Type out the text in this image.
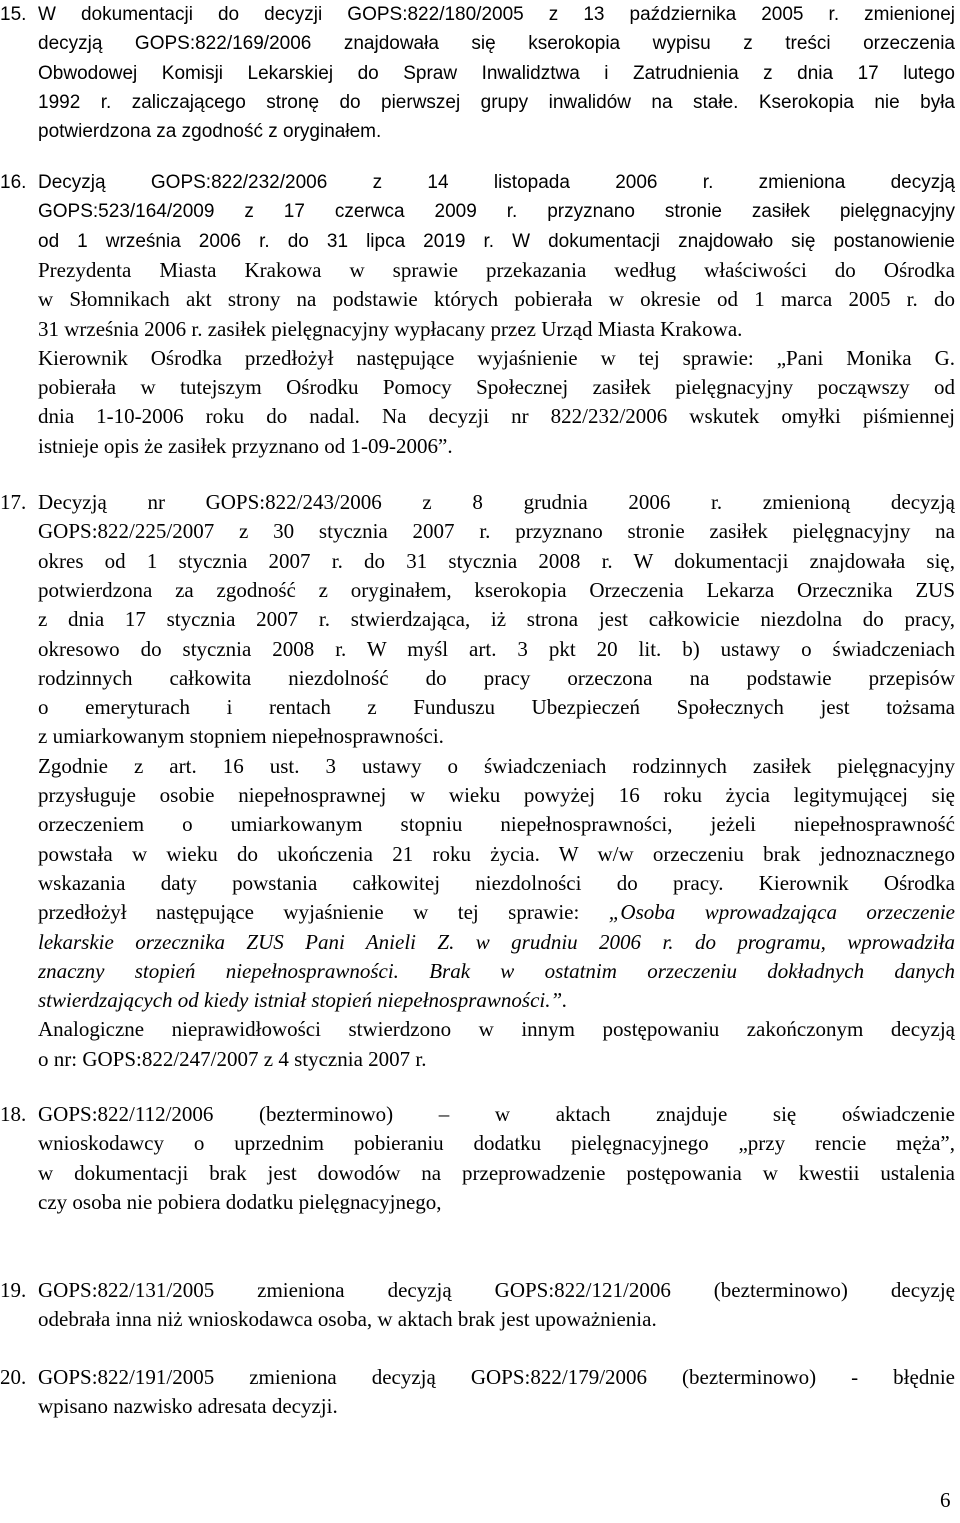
15. W dokumentacji do decyzji GOPS:822/180/2005 z 13 października 2005 r. zmienionej
decyzją GOPS:822/169/2006 znajdowała się kserokopia wypisu z treści orzeczenia
Obwodowej Komisji Lekarskiej do Spraw Inwalidztwa i Zatrudnienia z dnia 17 lutego
1992 r. zaliczającego stronę do pierwszej grupy inwalidów na stałe. Kserokopia nie była
potwierdzona za zgodność z oryginałem.
16. Decyzją GOPS:822/232/2006 z 14 listopada 2006 r. zmieniona decyzją
GOPS:523/164/2009 z 17 czerwca 2009 r. przyznano stronie zasiłek pielęgnacyjny
od 1 września 2006 r. do 31 lipca 2019 r. W dokumentacji znajdowało się postanowienie
Prezydenta Miasta Krakowa w sprawie przekazania według właściwości do Ośrodka
w Słomnikach akt strony na podstawie których pobierała w okresie od 1 marca 2005 r. do
31 września 2006 r. zasiłek pielęgnacyjny wypłacany przez Urząd Miasta Krakowa.
Kierownik Ośrodka przedłożył następujące wyjaśnienie w tej sprawie: „Pani Monika G.
pobierała w tutejszym Ośrodku Pomocy Społecznej zasiłek pielęgnacyjny począwszy od
dnia 1-10-2006 roku do nadal. Na decyzji nr 822/232/2006 wskutek omyłki piśmiennej
istnieje opis że zasiłek przyznano od 1-09-2006”.
17. Decyzją nr GOPS:822/243/2006 z 8 grudnia 2006 r. zmienioną decyzją
GOPS:822/225/2007 z 30 stycznia 2007 r. przyznano stronie zasiłek pielęgnacyjny na
okres od 1 stycznia 2007 r. do 31 stycznia 2008 r. W dokumentacji znajdowała się,
potwierdzona za zgodność z oryginałem, kserokopia Orzeczenia Lekarza Orzecznika ZUS
z dnia 17 stycznia 2007 r. stwierdzająca, iż strona jest całkowicie niezdolna do pracy,
okresowo do stycznia 2008 r. W myśl art. 3 pkt 20 lit. b) ustawy o świadczeniach
rodzinnych całkowita niezdolność do pracy orzeczona na podstawie przepisów
o emeryturach i rentach z Funduszu Ubezpieczeń Społecznych jest tożsama
z umiarkowanym stopniem niepełnosprawności.
Zgodnie z art. 16 ust. 3 ustawy o świadczeniach rodzinnych zasiłek pielęgnacyjny
przysługuje osobie niepełnosprawnej w wieku powyżej 16 roku życia legitymującej się
orzeczeniem o umiarkowanym stopniu niepełnosprawności, jeżeli niepełnosprawność
powstała w wieku do ukończenia 21 roku życia. W w/w orzeczeniu brak jednoznacznego
wskazania daty powstania całkowitej niezdolności do pracy. Kierownik Ośrodka
przedłożył następujące wyjaśnienie w tej sprawie: „Osoba wprowadzająca orzeczenie
lekarskie orzecznika ZUS Pani Anieli Z. w grudniu 2006 r. do programu, wprowadziła
znaczny stopień niepełnosprawności. Brak w ostatnim orzeczeniu dokładnych danych
stwierdzających od kiedy istniał stopień niepełnosprawności.”.
Analogiczne nieprawidłowości stwierdzono w innym postępowaniu zakończonym decyzją
o nr: GOPS:822/247/2007 z 4 stycznia 2007 r.
18. GOPS:822/112/2006 (bezterminowo) – w aktach znajduje się oświadczenie
wnioskodawcy o uprzednim pobieraniu dodatku pielęgnacyjnego „przy rencie męża”,
w dokumentacji brak jest dowodów na przeprowadzenie postępowania w kwestii ustalenia
czy osoba nie pobiera dodatku pielęgnacyjnego,
19. GOPS:822/131/2005 zmieniona decyzją GOPS:822/121/2006 (bezterminowo) decyzję
odebrała inna niż wnioskodawca osoba, w aktach brak jest upoważnienia.
20. GOPS:822/191/2005 zmieniona decyzją GOPS:822/179/2006 (bezterminowo) - błędnie
wpisano nazwisko adresata decyzji.
6
